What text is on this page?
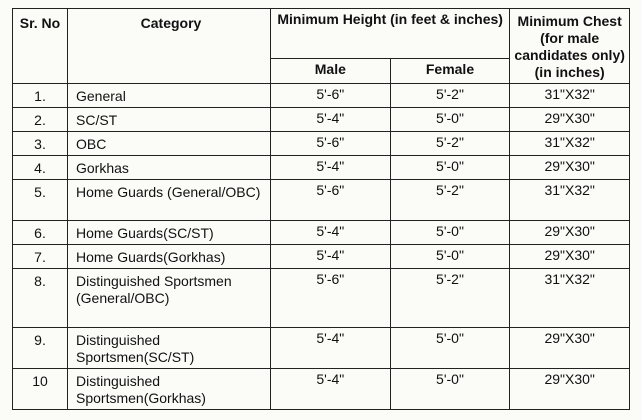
Sr. No	Category	Minimum Height (in feet & inches)		Minimum Chest (for male candidates only) (in inches)
		Male	Female	
1.	General	5'-6"	5'-2"	31"X32"
2.	SC/ST	5'-4"	5'-0"	29"X30"
3.	OBC	5'-6"	5'-2"	31"X32"
4.	Gorkhas	5'-4"	5'-0"	29"X30"
5.	Home Guards (General/OBC)	5'-6"	5'-2"	31"X32"
6.	Home Guards(SC/ST)	5'-4"	5'-0"	29"X30"
7.	Home Guards(Gorkhas)	5'-4"	5'-0"	29"X30"
8.	Distinguished Sportsmen (General/OBC)	5'-6"	5'-2"	31"X32"
9.	Distinguished Sportsmen(SC/ST)	5'-4"	5'-0"	29"X30"
10	Distinguished Sportsmen(Gorkhas)	5'-4"	5'-0"	29"X30"
